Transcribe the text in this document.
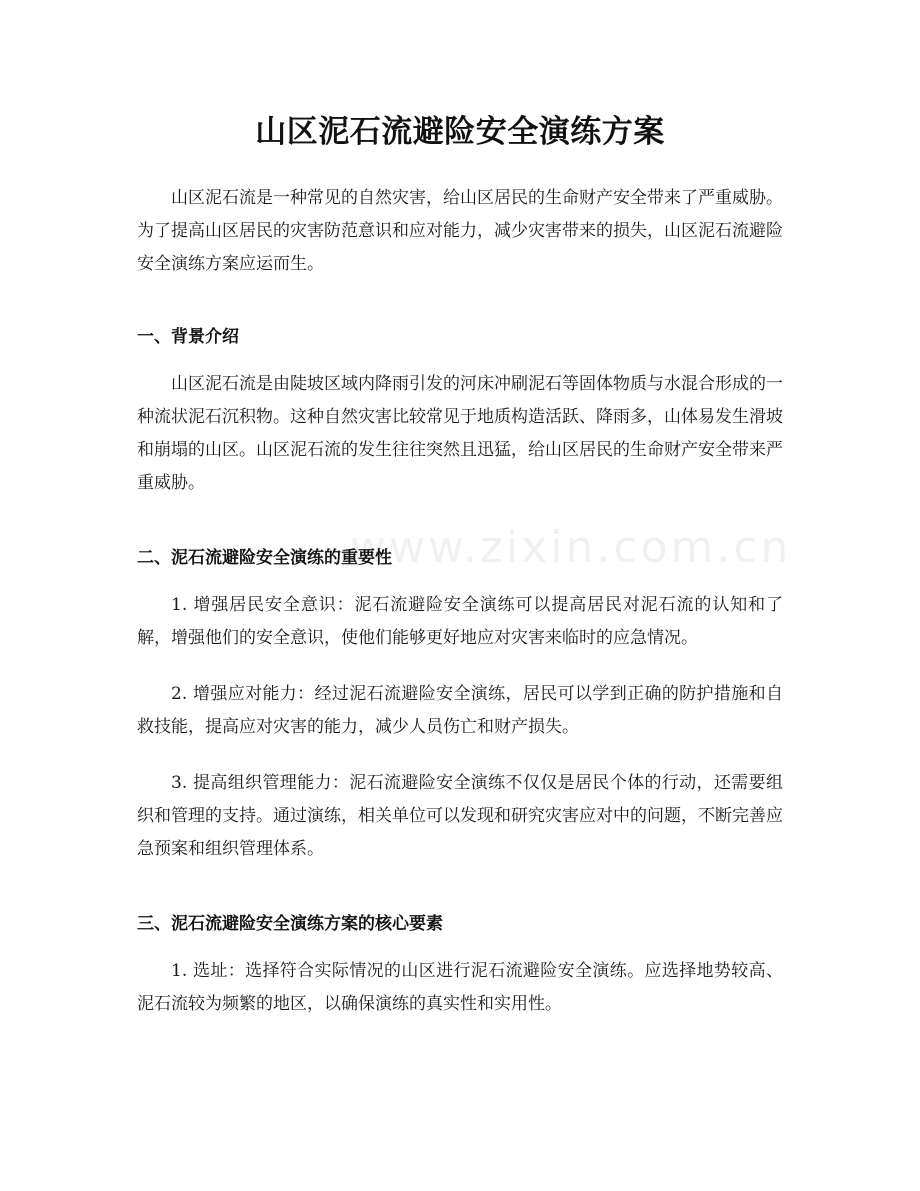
山区泥石流避险安全演练方案

山区泥石流是一种常见的自然灾害，给山区居民的生命财产安全带来了严重威胁。为了提高山区居民的灾害防范意识和应对能力，减少灾害带来的损失，山区泥石流避险安全演练方案应运而生。

一、背景介绍

山区泥石流是由陡坡区域内降雨引发的河床冲刷泥石等固体物质与水混合形成的一种流状泥石沉积物。这种自然灾害比较常见于地质构造活跃、降雨多，山体易发生滑坡和崩塌的山区。山区泥石流的发生往往突然且迅猛，给山区居民的生命财产安全带来严重威胁。

二、泥石流避险安全演练的重要性

1. 增强居民安全意识：泥石流避险安全演练可以提高居民对泥石流的认知和了解，增强他们的安全意识，使他们能够更好地应对灾害来临时的应急情况。

2. 增强应对能力：经过泥石流避险安全演练，居民可以学到正确的防护措施和自救技能，提高应对灾害的能力，减少人员伤亡和财产损失。

3. 提高组织管理能力：泥石流避险安全演练不仅仅是居民个体的行动，还需要组织和管理的支持。通过演练，相关单位可以发现和研究灾害应对中的问题，不断完善应急预案和组织管理体系。

三、泥石流避险安全演练方案的核心要素

1. 选址：选择符合实际情况的山区进行泥石流避险安全演练。应选择地势较高、泥石流较为频繁的地区，以确保演练的真实性和实用性。

www.zixin.com.cn
